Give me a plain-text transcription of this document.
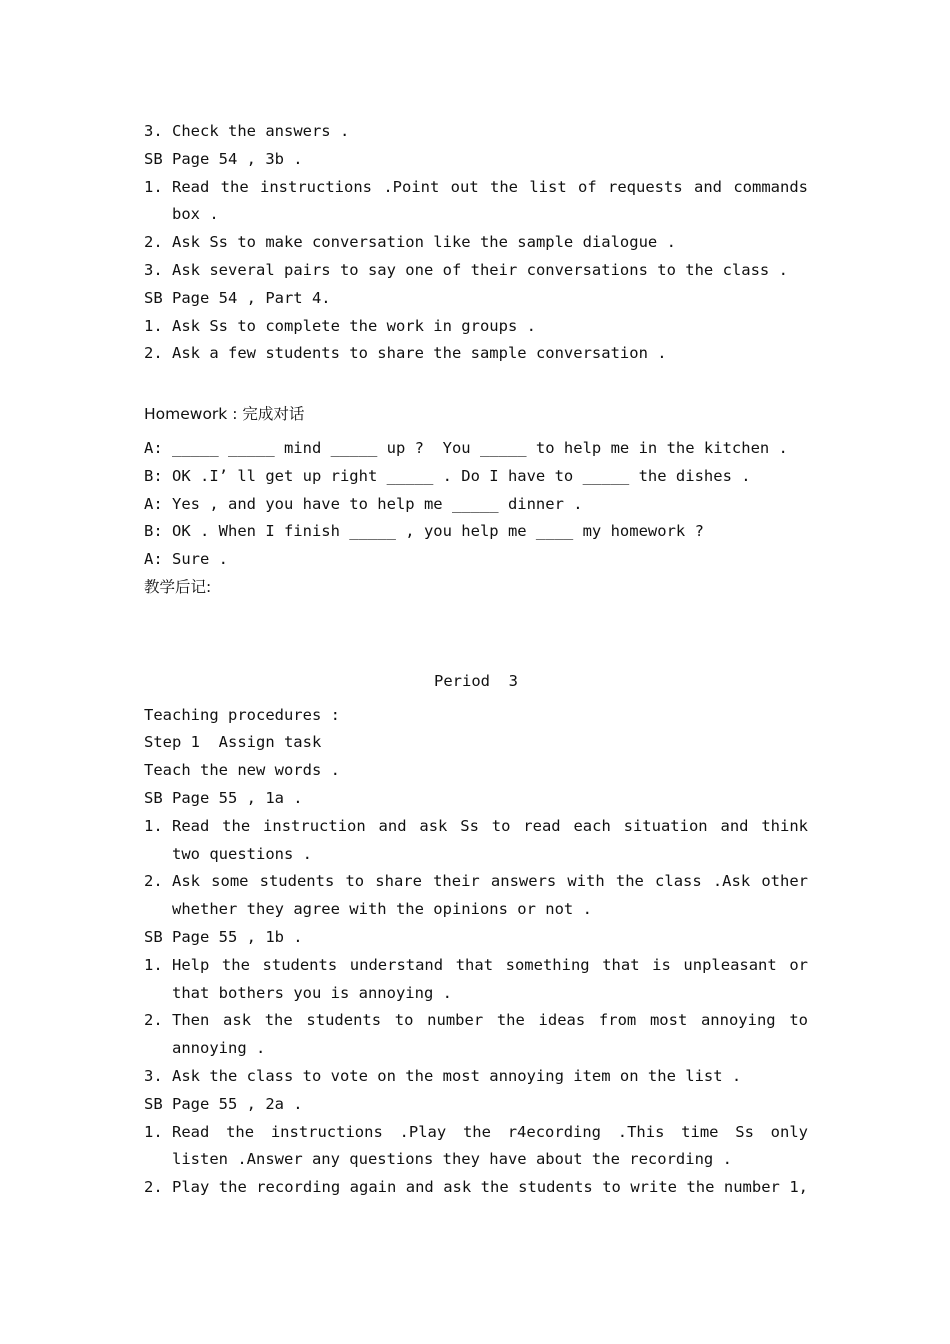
3. Check the answers .
SB Page 54 , 3b .
1. Read the instructions .Point out the list of requests and commands
box .
2. Ask Ss to make conversation like the sample dialogue .
3. Ask several pairs to say one of their conversations to the class .
SB Page 54 , Part 4.
1. Ask Ss to complete the work in groups .
2. Ask a few students to share the sample conversation .
Homework : 完成对话
A: _____ _____ mind _____ up ?  You _____ to help me in the kitchen .
B: OK .I’ ll get up right _____ . Do I have to _____ the dishes .
A: Yes , and you have to help me _____ dinner .
B: OK . When I finish _____ , you help me ____ my homework ?
A: Sure .
教学后记:
Period  3
Teaching procedures :
Step 1  Assign task
Teach the new words .
SB Page 55 , 1a .
1. Read the instruction and ask Ss to read each situation and think
two questions .
2. Ask some students to share their answers with the class .Ask other
whether they agree with the opinions or not .
SB Page 55 , 1b .
1. Help the students understand that something that is unpleasant or
that bothers you is annoying .
2. Then ask the students to number the ideas from most annoying to
annoying .
3. Ask the class to vote on the most annoying item on the list .
SB Page 55 , 2a .
1. Read the instructions .Play the r4ecording .This time Ss only
listen .Answer any questions they have about the recording .
2. Play the recording again and ask the students to write the number 1,
